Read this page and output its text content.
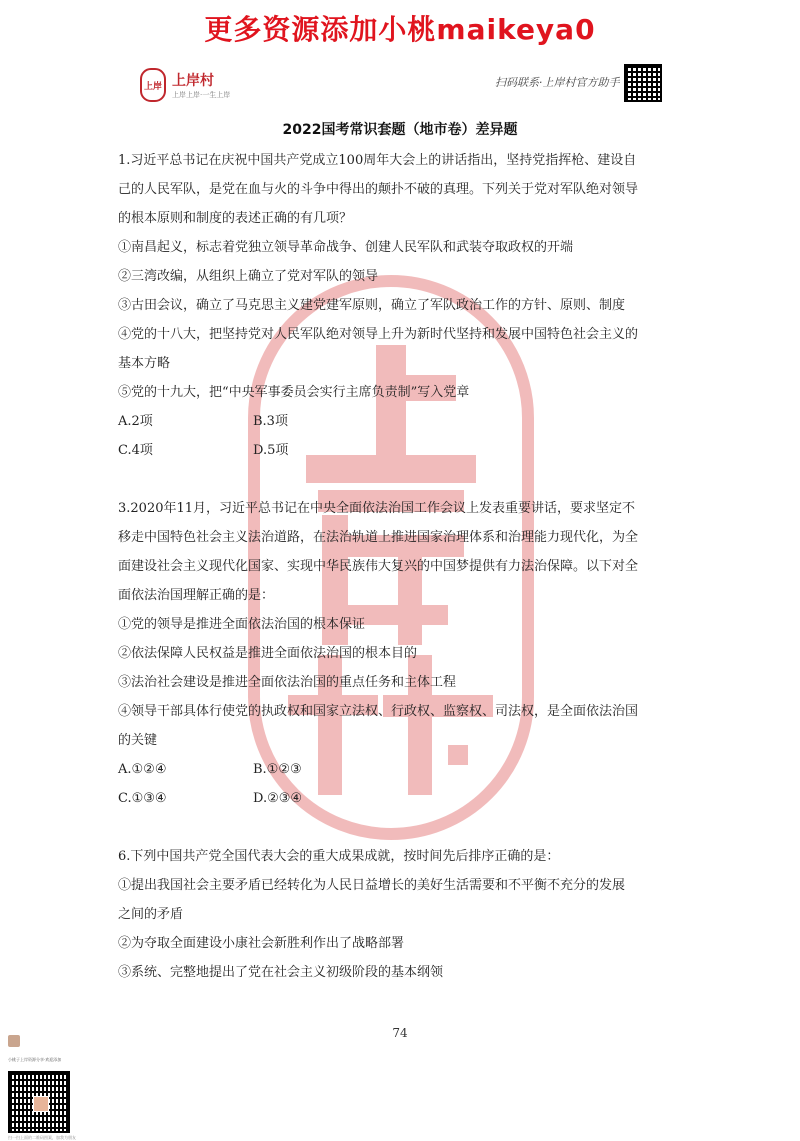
更多资源添加小桃maikeya0
上岸 上岸村
上岸上岸·一生上岸
扫码联系·上岸村官方助手
2022国考常识套题（地市卷）差异题

1.习近平总书记在庆祝中国共产党成立100周年大会上的讲话指出，坚持党指挥枪、建设自

己的人民军队，是党在血与火的斗争中得出的颠扑不破的真理。下列关于党对军队绝对领导

的根本原则和制度的表述正确的有几项？

①南昌起义，标志着党独立领导革命战争、创建人民军队和武装夺取政权的开端

②三湾改编，从组织上确立了党对军队的领导

③古田会议，确立了马克思主义建党建军原则，确立了军队政治工作的方针、原则、制度

④党的十八大，把坚持党对人民军队绝对领导上升为新时代坚持和发展中国特色社会主义的

基本方略

⑤党的十九大，把“中央军事委员会实行主席负责制”写入党章

A.2项	B.3项
C.4项	D.5项

3.2020年11月，习近平总书记在中央全面依法治国工作会议上发表重要讲话，要求坚定不

移走中国特色社会主义法治道路，在法治轨道上推进国家治理体系和治理能力现代化，为全

面建设社会主义现代化国家、实现中华民族伟大复兴的中国梦提供有力法治保障。以下对全

面依法治国理解正确的是：

①党的领导是推进全面依法治国的根本保证

②依法保障人民权益是推进全面依法治国的根本目的

③法治社会建设是推进全面依法治国的重点任务和主体工程

④领导干部具体行使党的执政权和国家立法权、行政权、监察权、司法权，是全面依法治国

的关键

A.①②④	B.①②③
C.①③④	D.②③④

6.下列中国共产党全国代表大会的重大成果成就，按时间先后排序正确的是：

①提出我国社会主要矛盾已经转化为人民日益增长的美好生活需要和不平衡不充分的发展

之间的矛盾

②为夺取全面建设小康社会新胜利作出了战略部署

③系统、完整地提出了党在社会主义初级阶段的基本纲领

74
小桃子上岸资源分享·欢迎添加
扫一扫上面的二维码图案，加我为朋友
